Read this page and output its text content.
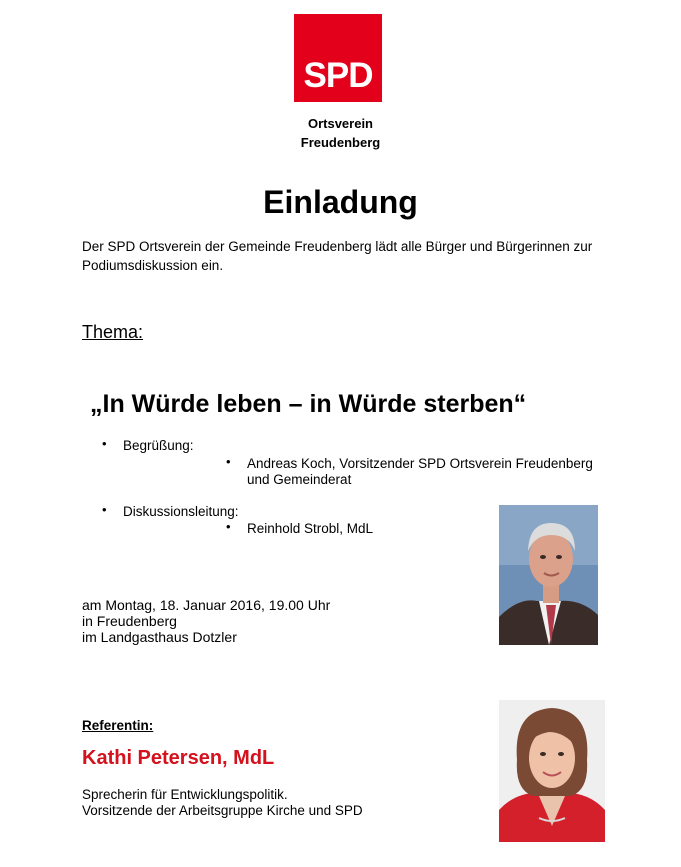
SPD
Ortsverein
Freudenberg
Einladung
Der SPD Ortsverein der Gemeinde Freudenberg lädt alle Bürger und Bürgerinnen zur
Podiumsdiskussion ein.
Thema:
„In Würde leben – in Würde sterben“
• Begrüßung:
• Andreas Koch, Vorsitzender SPD Ortsverein Freudenberg
und Gemeinderat
• Diskussionsleitung:
• Reinhold Strobl, MdL
am Montag, 18. Januar 2016, 19.00 Uhr
in Freudenberg
im Landgasthaus Dotzler
Referentin:
Kathi Petersen, MdL
Sprecherin für Entwicklungspolitik.
Vorsitzende der Arbeitsgruppe Kirche und SPD
